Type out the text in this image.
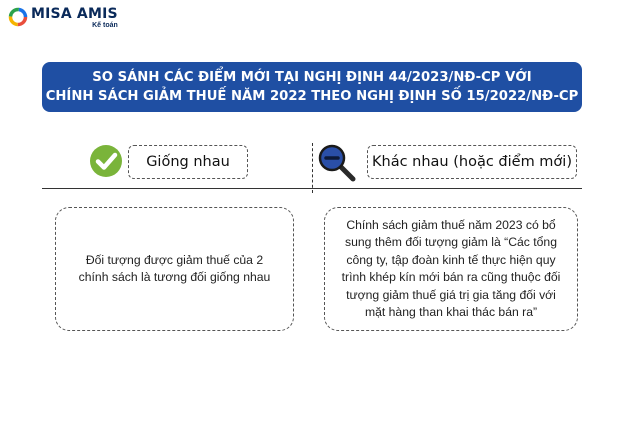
MISA AMIS
Kế toán
SO SÁNH CÁC ĐIỂM MỚI TẠI NGHỊ ĐỊNH 44/2023/NĐ-CP VỚI
CHÍNH SÁCH GIẢM THUẾ NĂM 2022 THEO NGHỊ ĐỊNH SỐ 15/2022/NĐ-CP
Giống nhau	Khác nhau (hoặc điểm mới)
Đối tượng được giảm thuế của 2 chính sách là tương đối giống nhau
Chính sách giảm thuế năm 2023 có bổ sung thêm đối tượng giảm là “Các tổng công ty, tập đoàn kinh tế thực hiện quy trình khép kín mới bán ra cũng thuộc đối tượng giảm thuế giá trị gia tăng đối với mặt hàng than khai thác bán ra”
